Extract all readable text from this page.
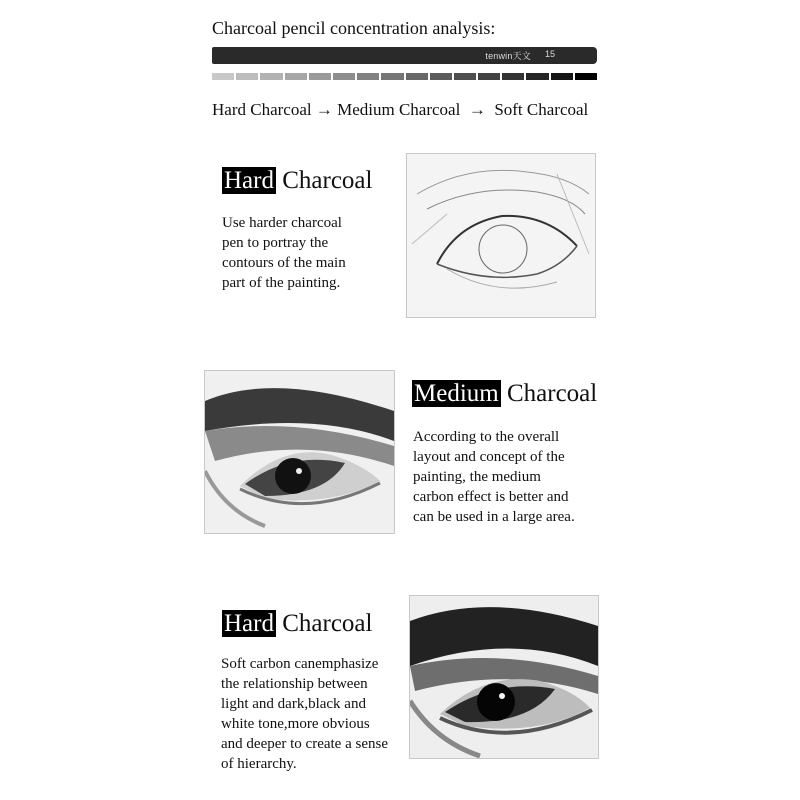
Charcoal pencil concentration analysis:
tenwin天文 15
Hard Charcoal → Medium Charcoal → Soft Charcoal
Hard Charcoal
Use harder charcoal
pen to portray the
contours of the main
part of the painting.
Medium Charcoal
According to the overall
layout and concept of the
painting, the medium
carbon effect is better and
can be used in a large area.
Hard Charcoal
Soft carbon canemphasize
the relationship between
light and dark,black and
white tone,more obvious
and deeper to create a sense
of hierarchy.
